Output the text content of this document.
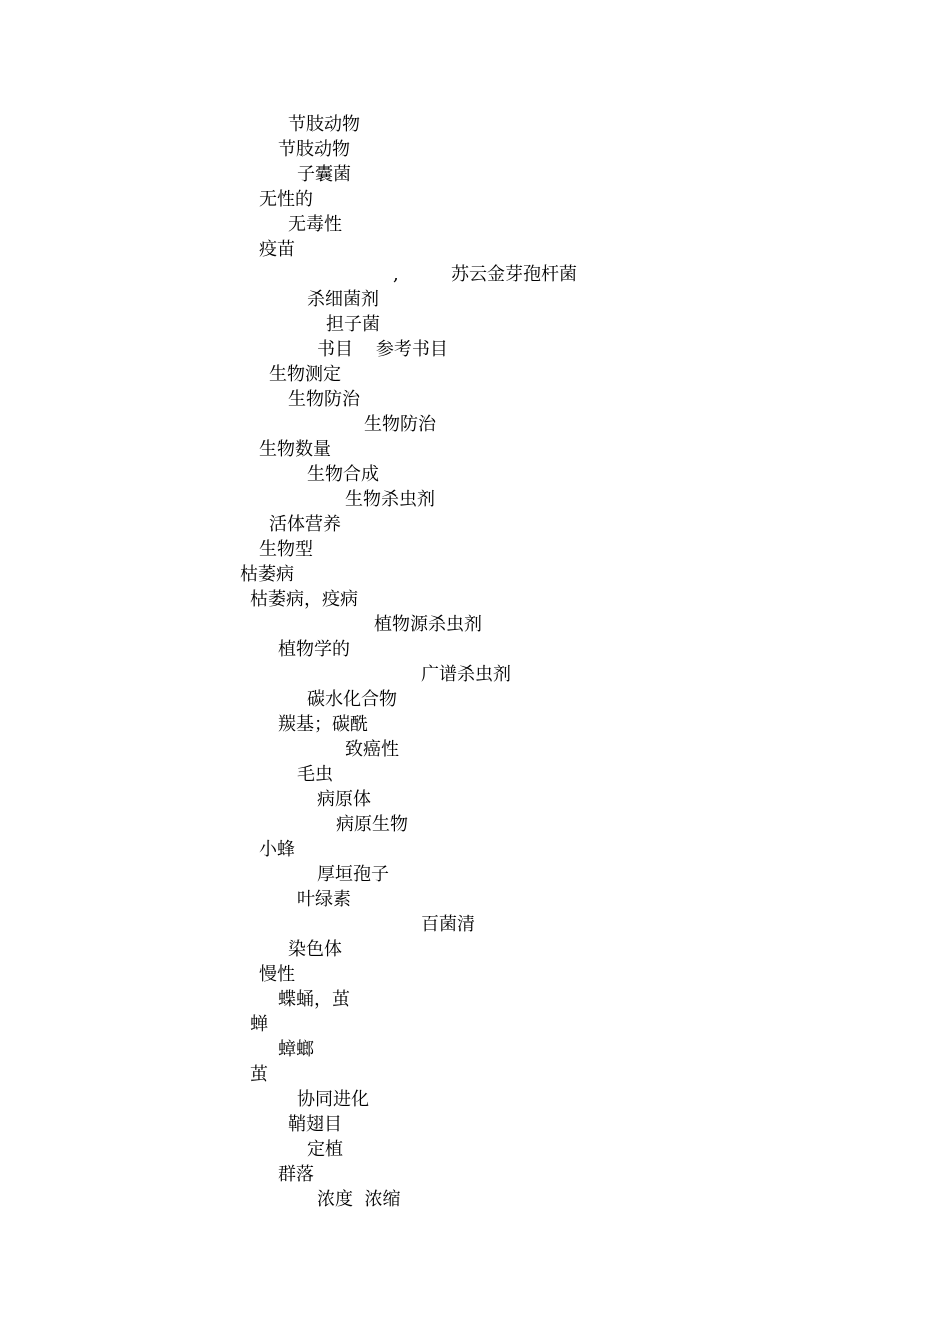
节肢动物
节肢动物
子囊菌
无性的
无毒性
疫苗
,	苏云金芽孢杆菌
杀细菌剂
担子菌
书目    参考书目
生物测定
生物防治
生物防治
生物数量
生物合成
生物杀虫剂
活体营养
生物型
枯萎病
枯萎病，疫病
植物源杀虫剂
植物学的
广谱杀虫剂
碳水化合物
羰基；碳酰
致癌性
毛虫
病原体
病原生物
小蜂
厚垣孢子
叶绿素
百菌清
染色体
慢性
蝶蛹，茧
蝉
蟑螂
茧
协同进化
鞘翅目
定植
群落
浓度  浓缩
